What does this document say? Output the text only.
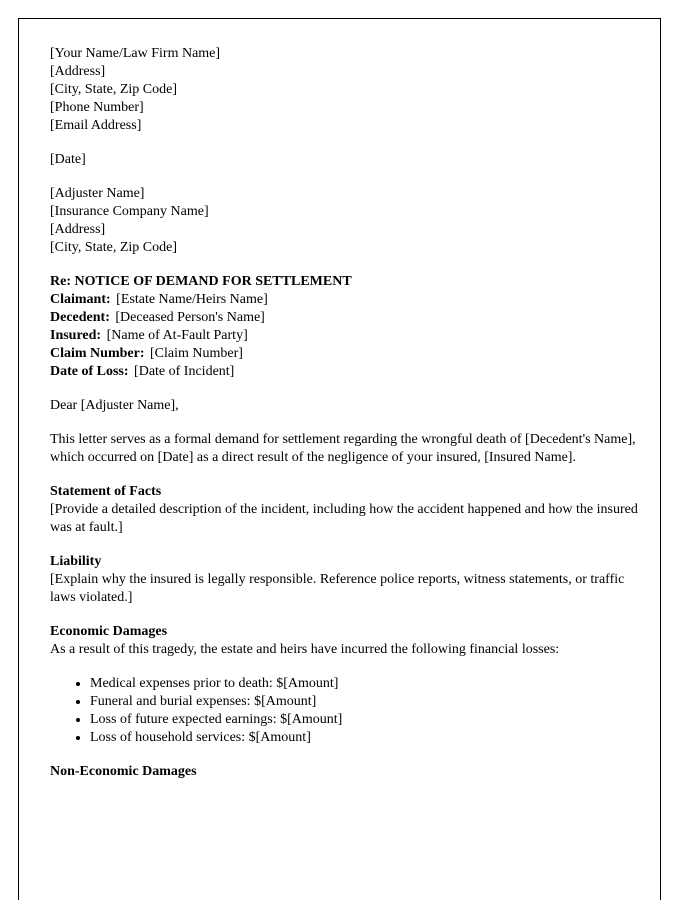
[Your Name/Law Firm Name]
[Address]
[City, State, Zip Code]
[Phone Number]
[Email Address]
[Date]
[Adjuster Name]
[Insurance Company Name]
[Address]
[City, State, Zip Code]
Re: NOTICE OF DEMAND FOR SETTLEMENT
Claimant: [Estate Name/Heirs Name]
Decedent: [Deceased Person's Name]
Insured: [Name of At-Fault Party]
Claim Number: [Claim Number]
Date of Loss: [Date of Incident]
Dear [Adjuster Name],
This letter serves as a formal demand for settlement regarding the wrongful death of [Decedent's Name], which occurred on [Date] as a direct result of the negligence of your insured, [Insured Name].
Statement of Facts
[Provide a detailed description of the incident, including how the accident happened and how the insured was at fault.]
Liability
[Explain why the insured is legally responsible. Reference police reports, witness statements, or traffic laws violated.]
Economic Damages
As a result of this tragedy, the estate and heirs have incurred the following financial losses:
• Medical expenses prior to death: $[Amount]
• Funeral and burial expenses: $[Amount]
• Loss of future expected earnings: $[Amount]
• Loss of household services: $[Amount]
Non-Economic Damages
